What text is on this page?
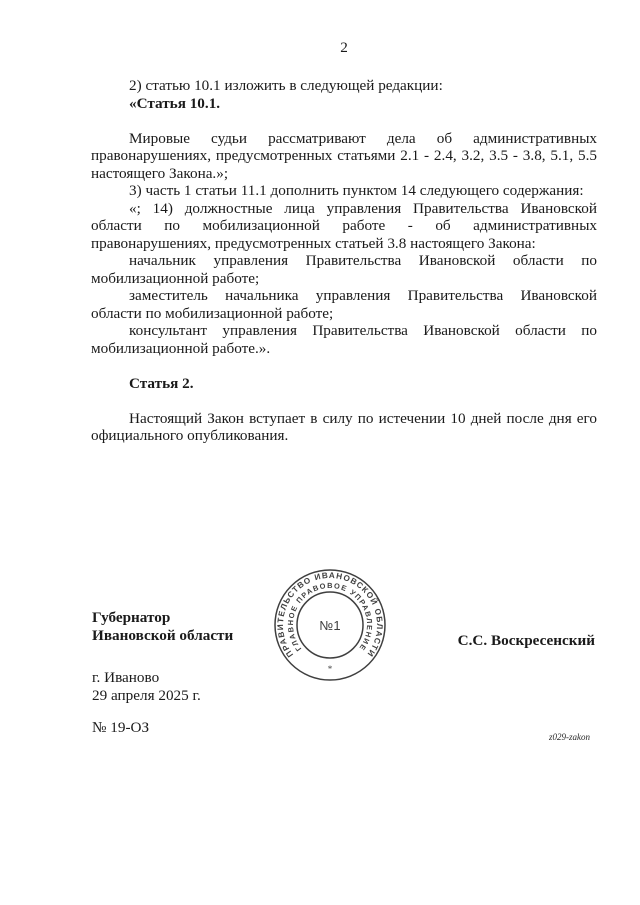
2
2) статью 10.1 изложить в следующей редакции:
«Статья 10.1.
Мировые судьи рассматривают дела об административных
правонарушениях, предусмотренных статьями 2.1 - 2.4, 3.2, 3.5 - 3.8, 5.1, 5.5
настоящего Закона.»;
3) часть 1 статьи 11.1 дополнить пунктом 14 следующего содержания:
«; 14) должностные лица управления Правительства Ивановской
области по мобилизационной работе - об административных
правонарушениях, предусмотренных статьей 3.8 настоящего Закона:
начальник управления Правительства Ивановской области по
мобилизационной работе;
заместитель начальника управления Правительства Ивановской
области по мобилизационной работе;
консультант управления Правительства Ивановской области по
мобилизационной работе.».
Статья 2.
Настоящий Закон вступает в силу по истечении 10 дней после дня его
официального опубликования.
Губернатор
Ивановской области
ПРАВИТЕЛЬСТВО ИВАНОВСКОЙ ОБЛАСТИ
ГЛАВНОЕ ПРАВОВОЕ УПРАВЛЕНИЕ
№1
*
С.С. Воскресенский
г. Иваново
29 апреля 2025 г.
№ 19-ОЗ
z029-zakon
